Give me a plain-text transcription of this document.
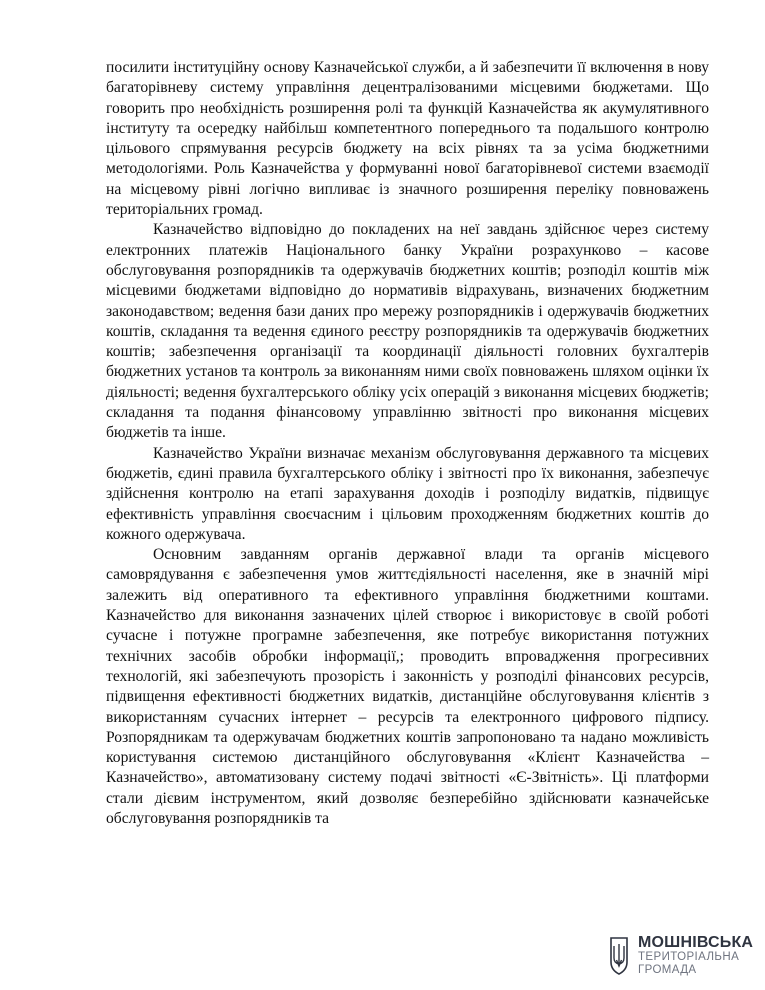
посилити інституційну основу Казначейської служби, а й забезпечити її включення в нову багаторівневу систему управління децентралізованими місцевими бюджетами. Що говорить про необхідність розширення ролі та функцій Казначейства як акумулятивного інституту та осередку найбільш компетентного попереднього та подальшого контролю цільового спрямування ресурсів бюджету на всіх рівнях та за усіма бюджетними методологіями. Роль Казначейства у формуванні нової багаторівневої системи взаємодії на місцевому рівні логічно випливає із значного розширення переліку повноважень територіальних громад.

Казначейство відповідно до покладених на неї завдань здійснює через систему електронних платежів Національного банку України розрахунково – касове обслуговування розпорядників та одержувачів бюджетних коштів; розподіл коштів між місцевими бюджетами відповідно до нормативів відрахувань, визначених бюджетним законодавством; ведення бази даних про мережу розпорядників і одержувачів бюджетних коштів, складання та ведення єдиного реєстру розпорядників та одержувачів бюджетних коштів; забезпечення організації та координації діяльності головних бухгалтерів бюджетних установ та контроль за виконанням ними своїх повноважень шляхом оцінки їх діяльності; ведення бухгалтерського обліку усіх операцій з виконання місцевих бюджетів; складання та подання фінансовому управлінню звітності про виконання місцевих бюджетів та інше.

Казначейство України визначає механізм обслуговування державного та місцевих бюджетів, єдині правила бухгалтерського обліку і звітності про їх виконання, забезпечує здійснення контролю на етапі зарахування доходів і розподілу видатків, підвищує ефективність управління своєчасним і цільовим проходженням бюджетних коштів до кожного одержувача.

Основним завданням органів державної влади та органів місцевого самоврядування є забезпечення умов життєдіяльності населення, яке в значній мірі залежить від оперативного та ефективного управління бюджетними коштами. Казначейство для виконання зазначених цілей створює і використовує в своїй роботі сучасне і потужне програмне забезпечення, яке потребує використання потужних технічних засобів обробки інформації,; проводить впровадження прогресивних технологій, які забезпечують прозорість і законність у розподілі фінансових ресурсів, підвищення ефективності бюджетних видатків, дистанційне обслуговування клієнтів з використанням сучасних інтернет – ресурсів та електронного цифрового підпису. Розпорядникам та одержувачам бюджетних коштів запропоновано та надано можливість користування системою дистанційного обслуговування «Клієнт Казначейства – Казначейство», автоматизовану систему подачі звітності «Є-Звітність». Ці платформи стали дієвим інструментом, який дозволяє безперебійно здійснювати казначейське обслуговування розпорядників та

МОШНІВСЬКА
ТЕРИТОРІАЛЬНА
ГРОМАДА
